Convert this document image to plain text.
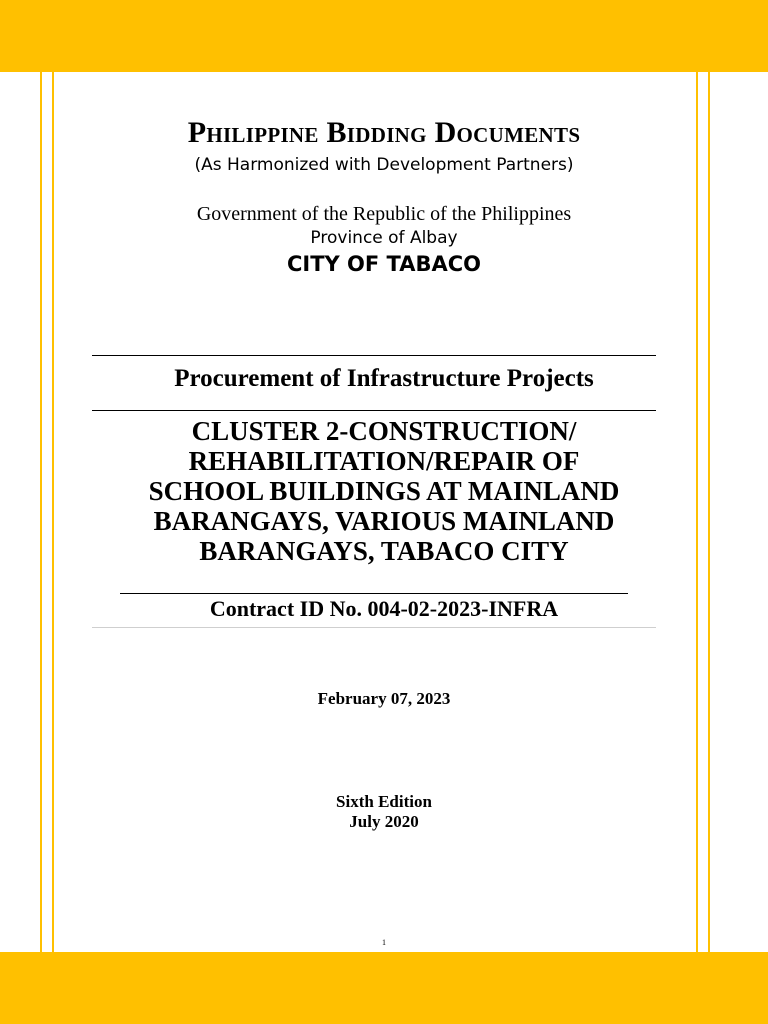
Philippine Bidding Documents
(As Harmonized with Development Partners)
Government of the Republic of the Philippines
Province of Albay
CITY OF TABACO
Procurement of Infrastructure Projects
CLUSTER 2-CONSTRUCTION/
REHABILITATION/REPAIR OF
SCHOOL BUILDINGS AT MAINLAND
BARANGAYS, VARIOUS MAINLAND
BARANGAYS, TABACO CITY
Contract ID No. 004-02-2023-INFRA
February 07, 2023
Sixth Edition
July 2020
1
